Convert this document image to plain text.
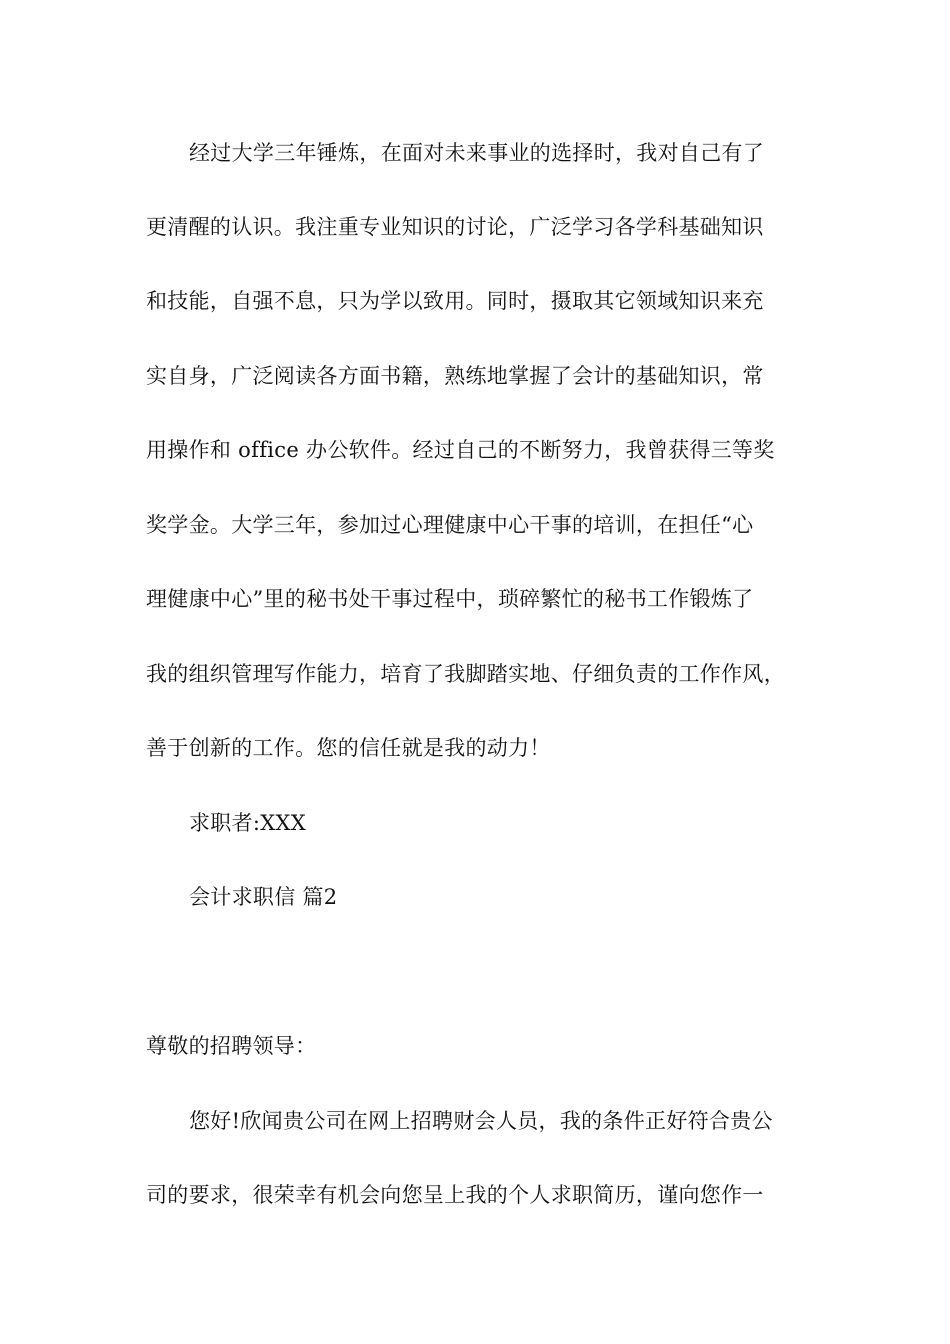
经过大学三年锤炼，在面对未来事业的选择时，我对自己有了
更清醒的认识。我注重专业知识的讨论，广泛学习各学科基础知识
和技能，自强不息，只为学以致用。同时，摄取其它领域知识来充
实自身，广泛阅读各方面书籍，熟练地掌握了会计的基础知识，常
用操作和 office 办公软件。经过自己的不断努力，我曾获得三等奖
奖学金。大学三年，参加过心理健康中心干事的培训，在担任“心
理健康中心”里的秘书处干事过程中，琐碎繁忙的秘书工作锻炼了
我的组织管理写作能力，培育了我脚踏实地、仔细负责的工作作风，
善于创新的工作。您的信任就是我的动力！
求职者:XXX
会计求职信 篇2
尊敬的招聘领导：
您好!欣闻贵公司在网上招聘财会人员，我的条件正好符合贵公
司的要求，很荣幸有机会向您呈上我的个人求职简历，谨向您作一
